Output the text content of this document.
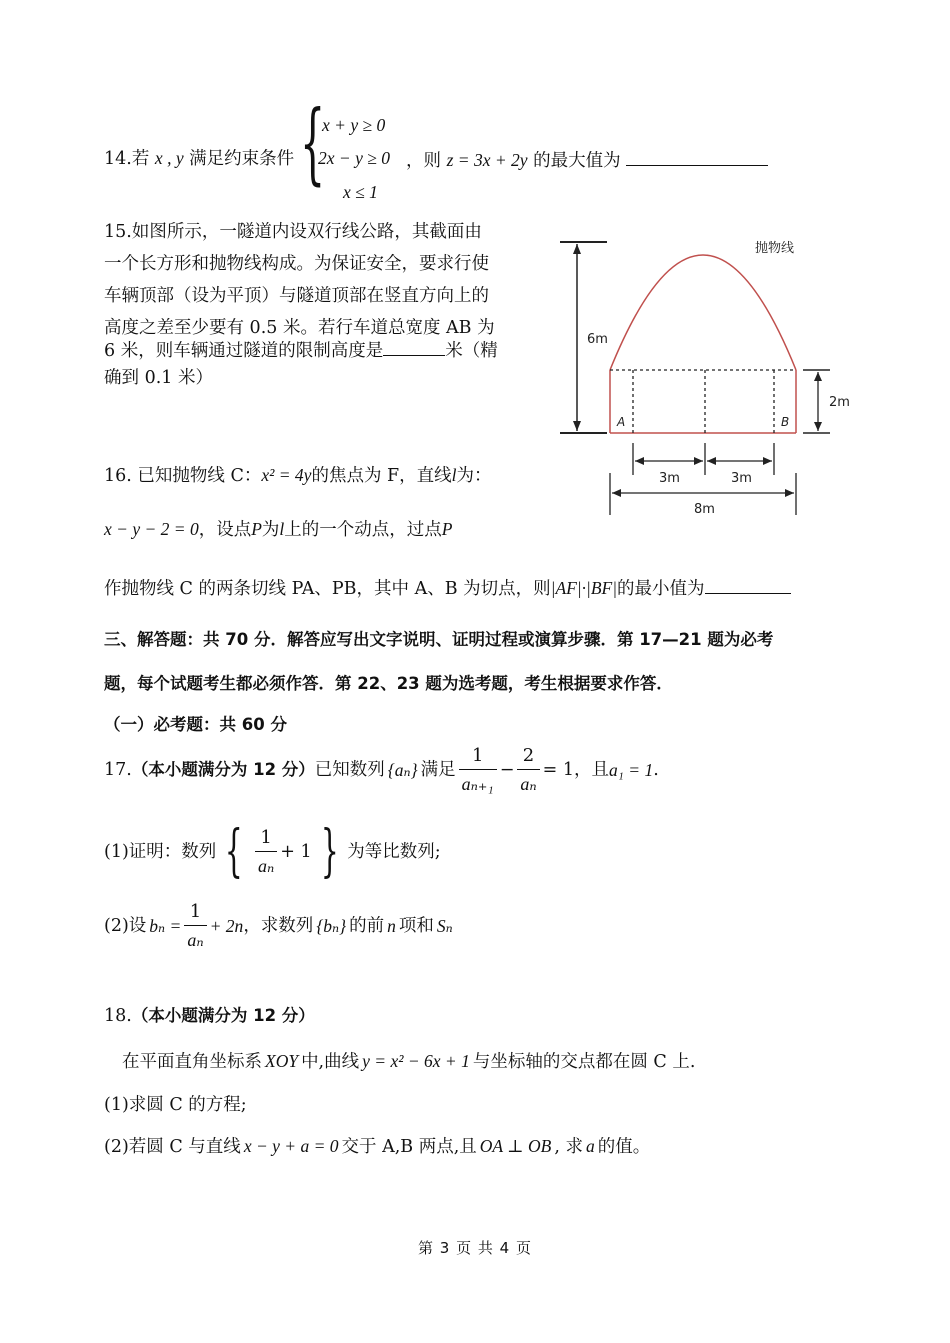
{
x + y ≥ 0
14.若 x , y 满足约束条件 2x − y ≥ 0 ，则 z = 3x + 2y 的最大值为
x ≤ 1
15.如图所示，一隧道内设双行线公路，其截面由
一个长方形和抛物线构成。为保证安全，要求行使
车辆顶部（设为平顶）与隧道顶部在竖直方向上的
高度之差至少要有 0.5 米。若行车道总宽度 AB 为
6 米，则车辆通过隧道的限制高度是	米（精
确到 0.1 米）
6m
抛物线
A	B
2m
3m	3m
8m
16. 已知抛物线 C：x² = 4y的焦点为 F，直线l为：
x − y − 2 = 0，设点P为l上的一个动点，过点P
作抛物线 C 的两条切线 PA、PB，其中 A、B 为切点，则|AF|·|BF|的最小值为
三、解答题：共 70 分．解答应写出文字说明、证明过程或演算步骤．第 17—21 题为必考
题，每个试题考生都必须作答．第 22、23 题为选考题，考生根据要求作答．
（一）必考题：共 60 分
17. （本小题满分为 12 分） 已知数列 {aₙ} 满足 $\frac{1}{\text{aₙ₊₁}} - \frac{2}{\text{aₙ}} = 1$ ，且 a₁ = 1 .
(1)证明：数列 { $\frac{1}{\text{aₙ}} + 1$ } 为等比数列;
(2)设 $b_n = \frac{1}{\text{aₙ}} + 2n$ ，求数列 {bₙ} 的前 n 项和 Sₙ
18.（本小题满分为 12 分）
在平面直角坐标系 XOY 中,曲线 y = x² − 6x + 1 与坐标轴的交点都在圆 C 上.
(1)求圆 C 的方程;
(2)若圆 C 与直线 x − y + a = 0 交于 A,B 两点,且 OA ⊥ OB , 求 a 的值。
第 3 页 共 4 页
